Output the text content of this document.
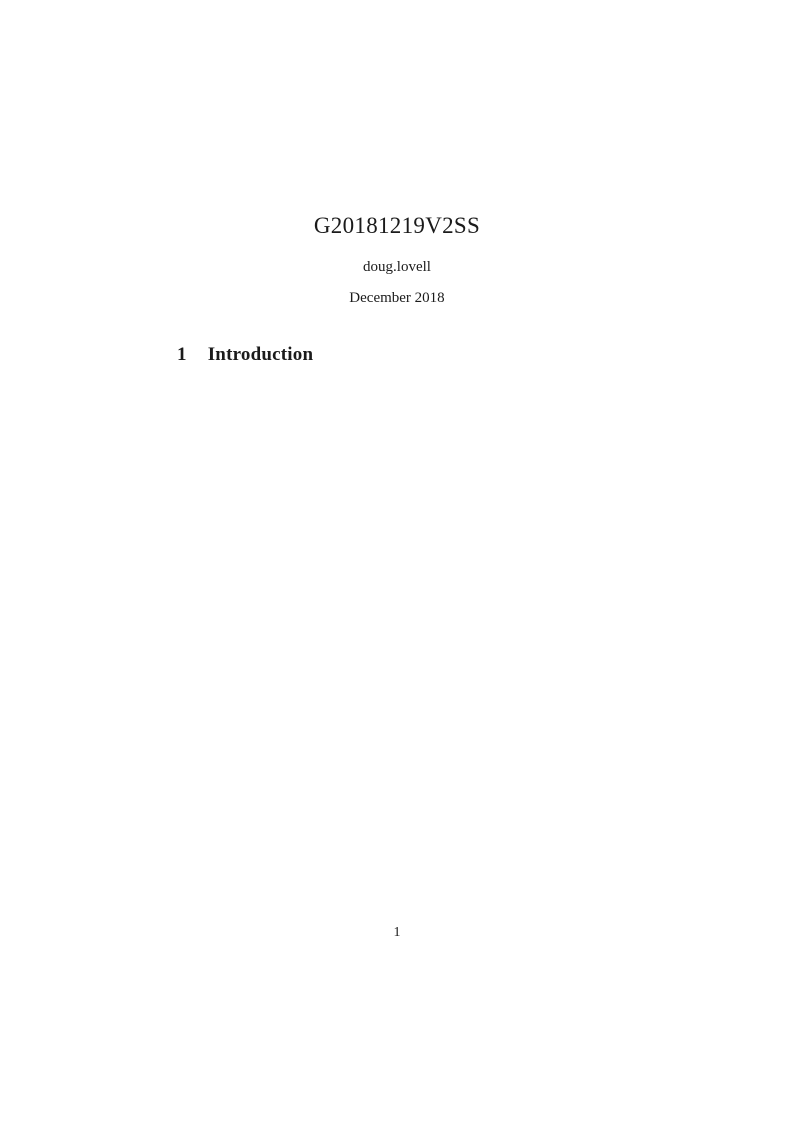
G20181219V2SS
doug.lovell
December 2018
1 Introduction
1
